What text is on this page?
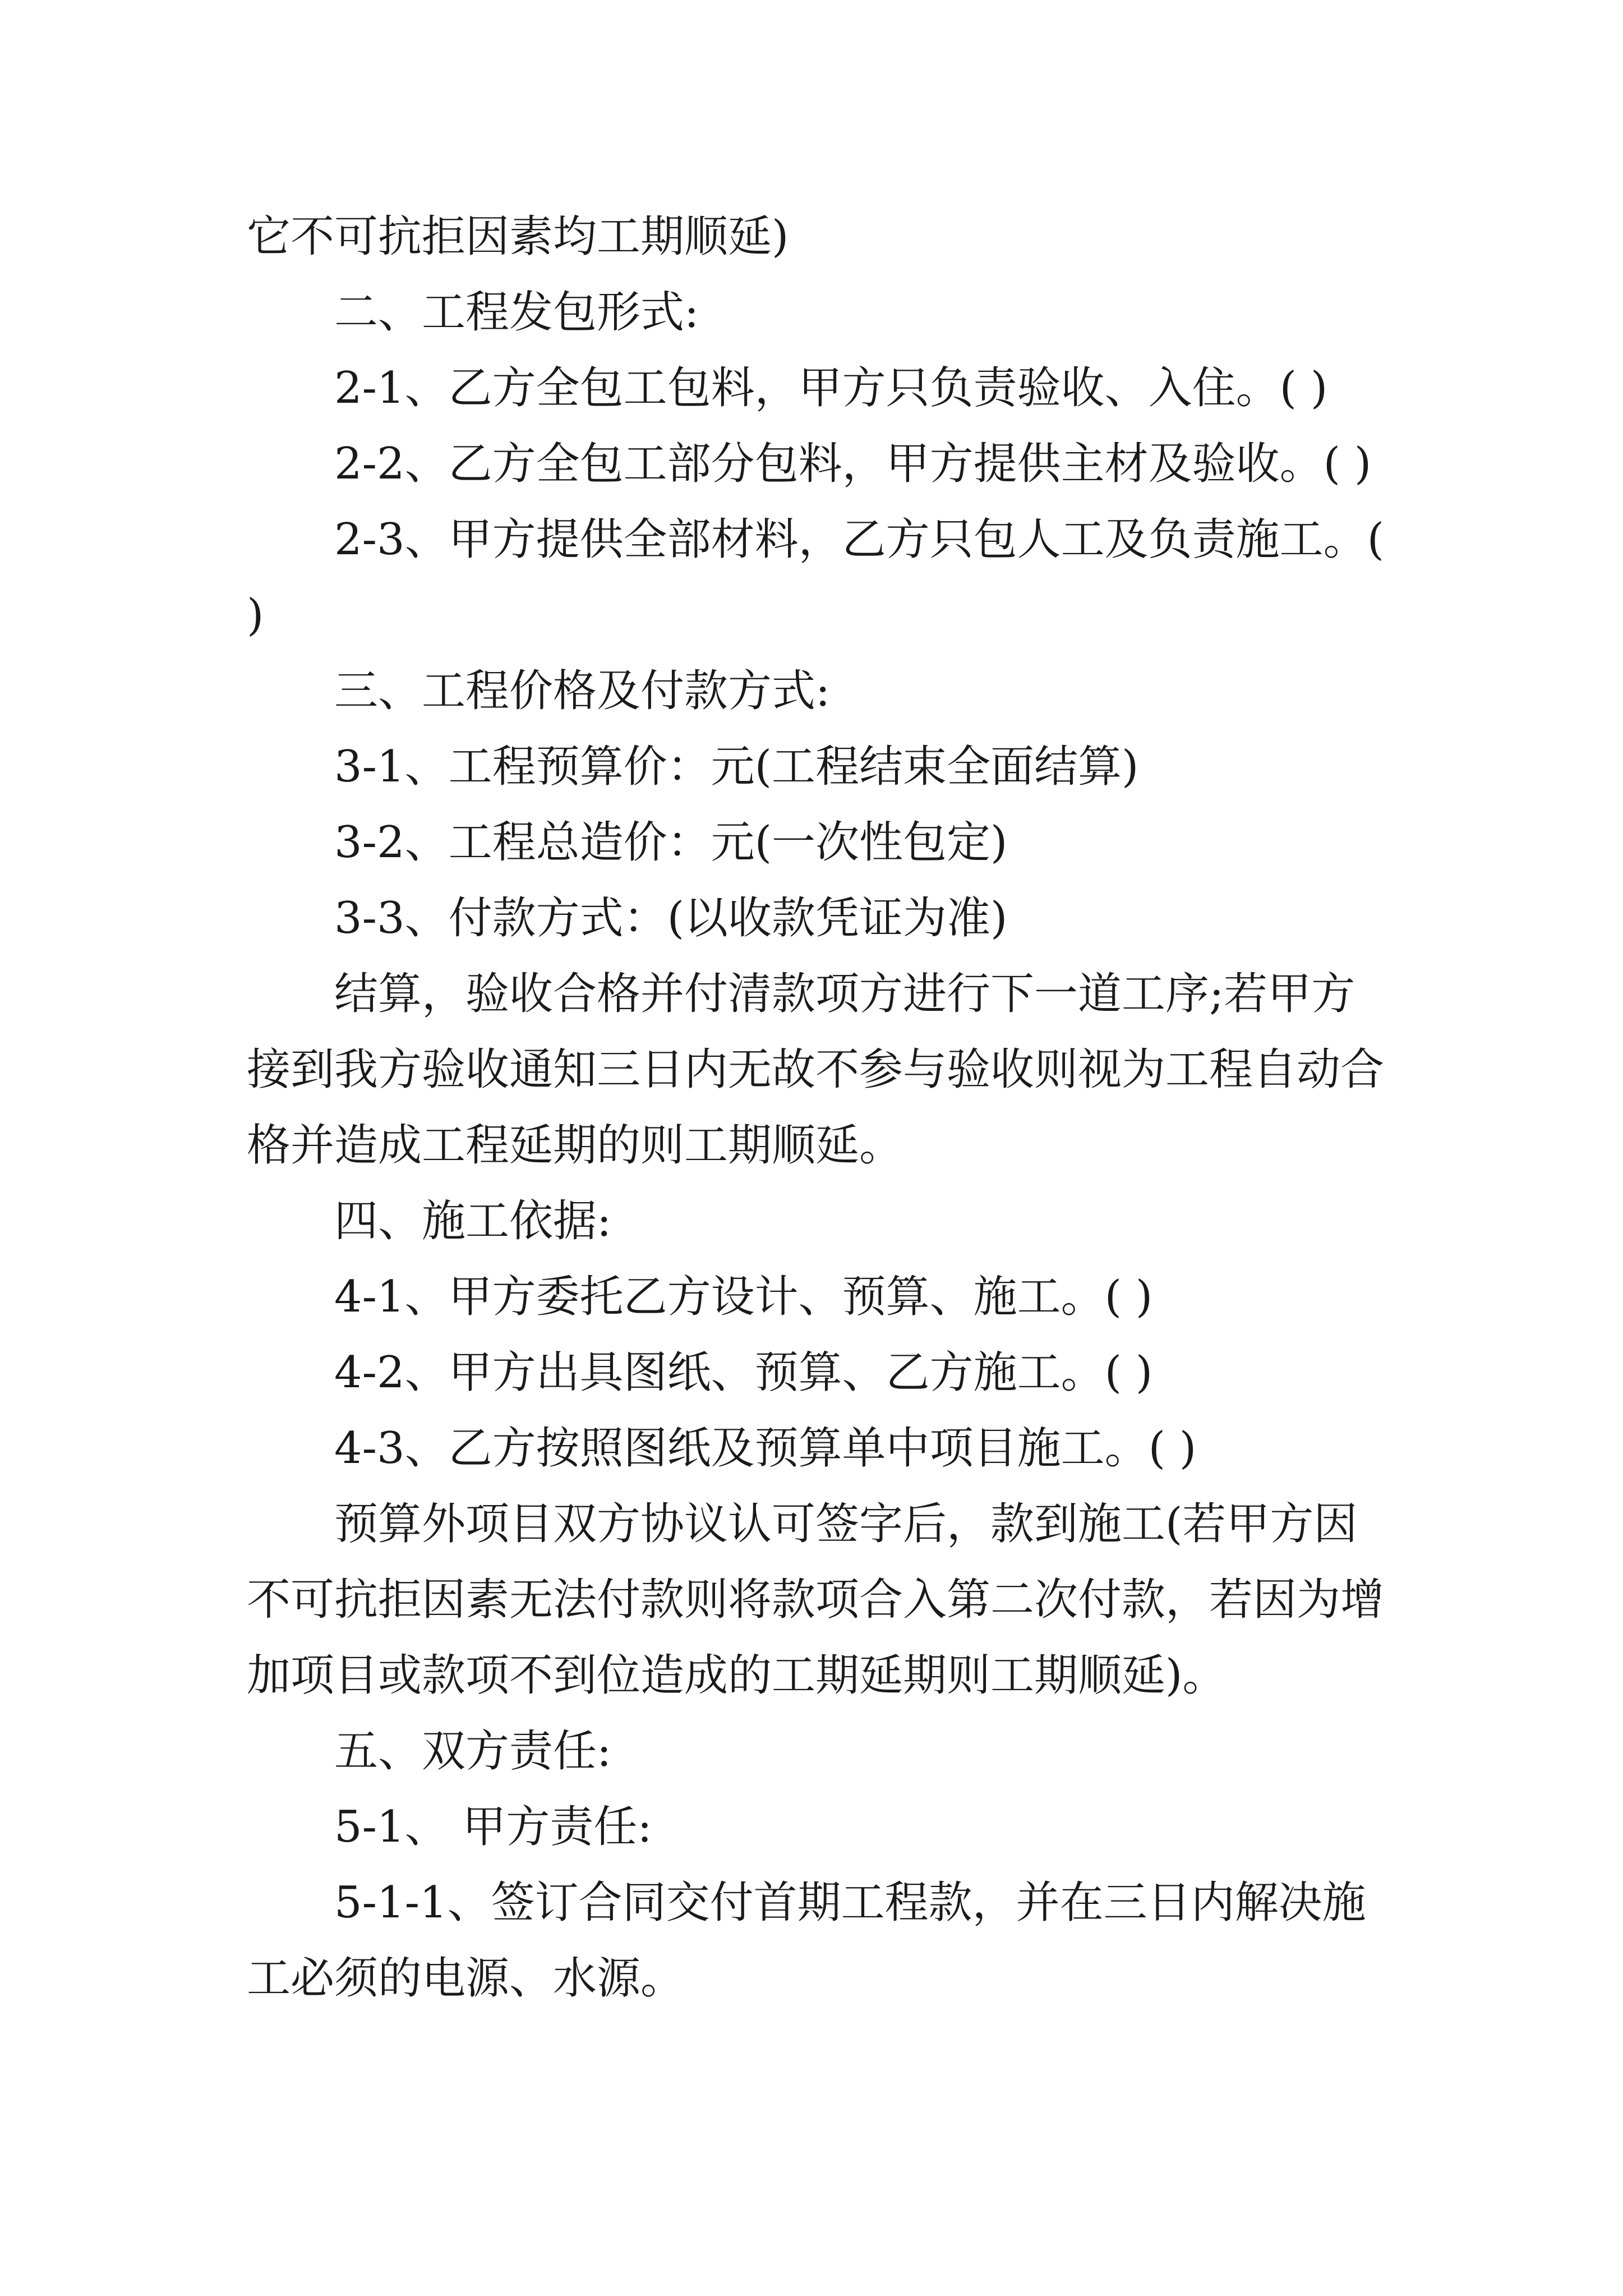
它不可抗拒因素均工期顺延)

二、工程发包形式:

2-1、乙方全包工包料，甲方只负责验收、入住。( )

2-2、乙方全包工部分包料，甲方提供主材及验收。( )

2-3、甲方提供全部材料，乙方只包人工及负责施工。( )

三、工程价格及付款方式:

3-1、工程预算价：元(工程结束全面结算)

3-2、工程总造价：元(一次性包定)

3-3、付款方式：(以收款凭证为准)

结算，验收合格并付清款项方进行下一道工序;若甲方接到我方验收通知三日内无故不参与验收则视为工程自动合格并造成工程延期的则工期顺延。

四、施工依据:

4-1、甲方委托乙方设计、预算、施工。( )

4-2、甲方出具图纸、预算、乙方施工。( )

4-3、乙方按照图纸及预算单中项目施工。( )

预算外项目双方协议认可签字后，款到施工(若甲方因不可抗拒因素无法付款则将款项合入第二次付款，若因为增加项目或款项不到位造成的工期延期则工期顺延)。

五、双方责任:

5-1、 甲方责任:

5-1-1、签订合同交付首期工程款，并在三日内解决施工必须的电源、水源。
